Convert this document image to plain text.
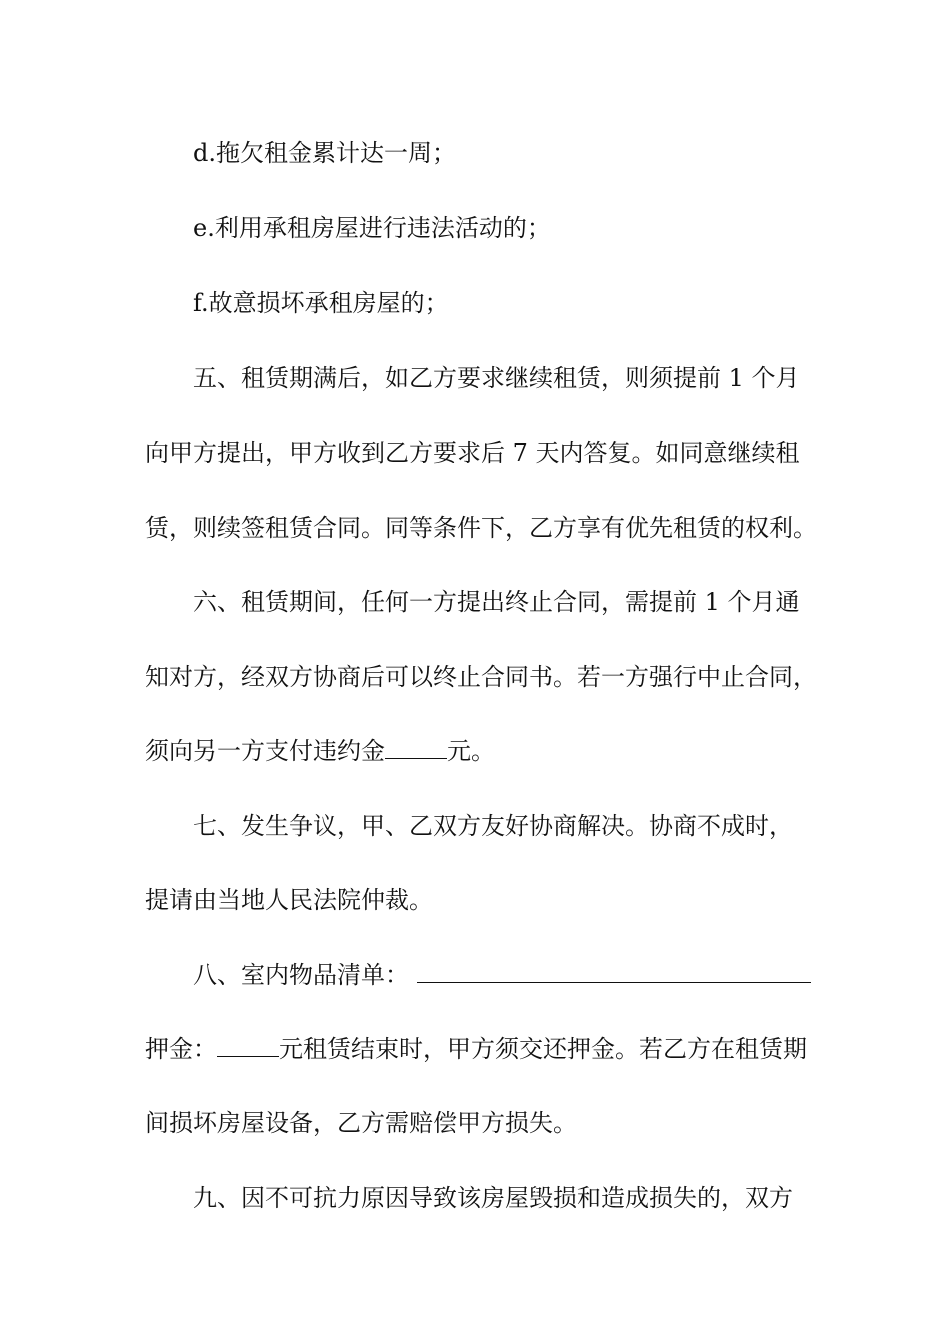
d.拖欠租金累计达一周；
e.利用承租房屋进行违法活动的；
f.故意损坏承租房屋的；
五、租赁期满后，如乙方要求继续租赁，则须提前 1 个月
向甲方提出，甲方收到乙方要求后 7 天内答复。如同意继续租
赁，则续签租赁合同。同等条件下，乙方享有优先租赁的权利。
六、租赁期间，任何一方提出终止合同，需提前 1 个月通
知对方，经双方协商后可以终止合同书。若一方强行中止合同，
须向另一方支付违约金	元。
七、发生争议，甲、乙双方友好协商解决。协商不成时，
提请由当地人民法院仲裁。
八、室内物品清单：
押金：	元租赁结束时，甲方须交还押金。若乙方在租赁期
间损坏房屋设备，乙方需赔偿甲方损失。
九、因不可抗力原因导致该房屋毁损和造成损失的，双方
